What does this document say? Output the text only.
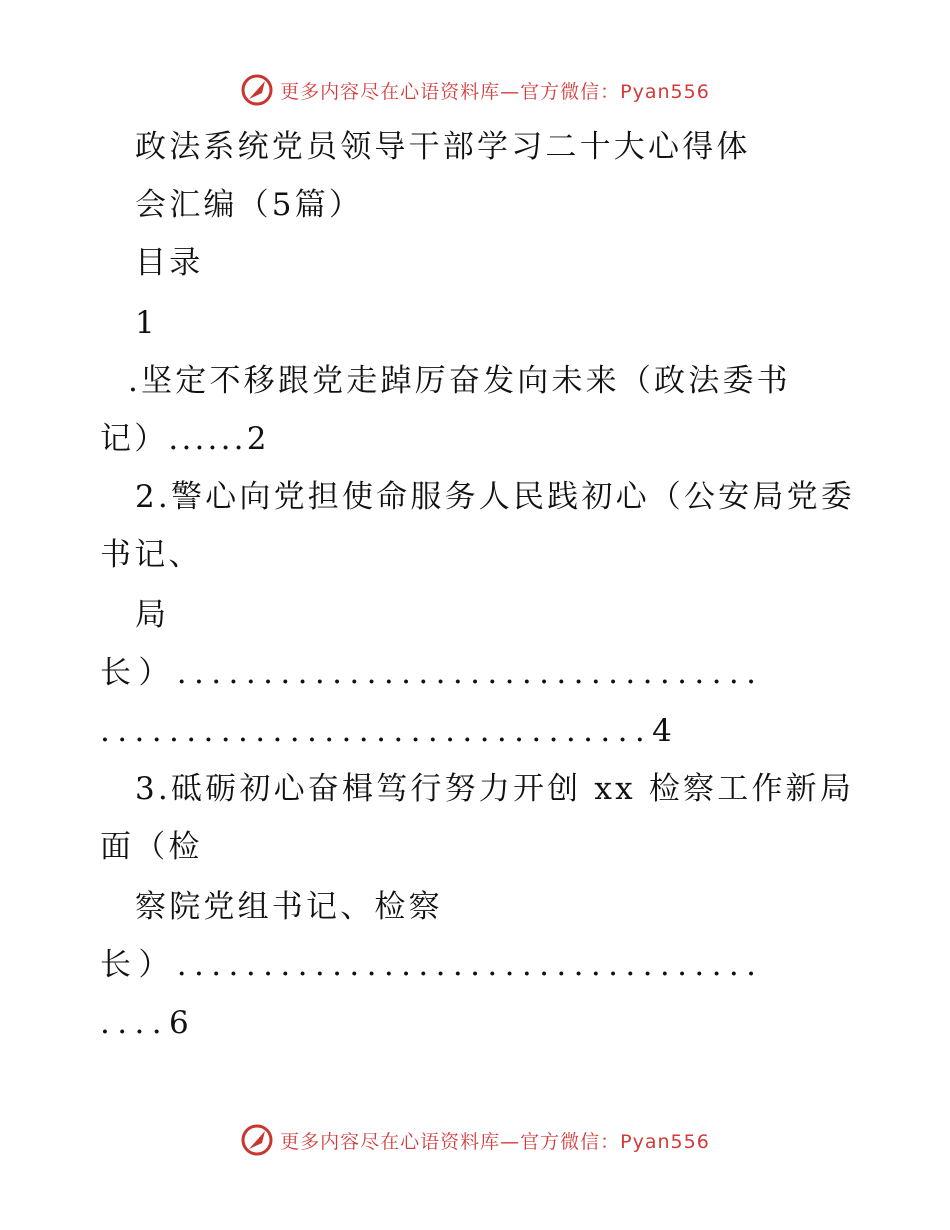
更多内容尽在心语资料库—官方微信：Pyan556
政法系统党员领导干部学习二十大心得体
会汇编（5篇）
目录
1
.坚定不移跟党走踔厉奋发向未来（政法委书
记）......2
2.警心向党担使命服务人民践初心（公安局党委
书记、
局
长）..................................
................................4
3.砥砺初心奋楫笃行努力开创 xx 检察工作新局
面（检
察院党组书记、检察
长）..................................
....6
更多内容尽在心语资料库—官方微信：Pyan556
